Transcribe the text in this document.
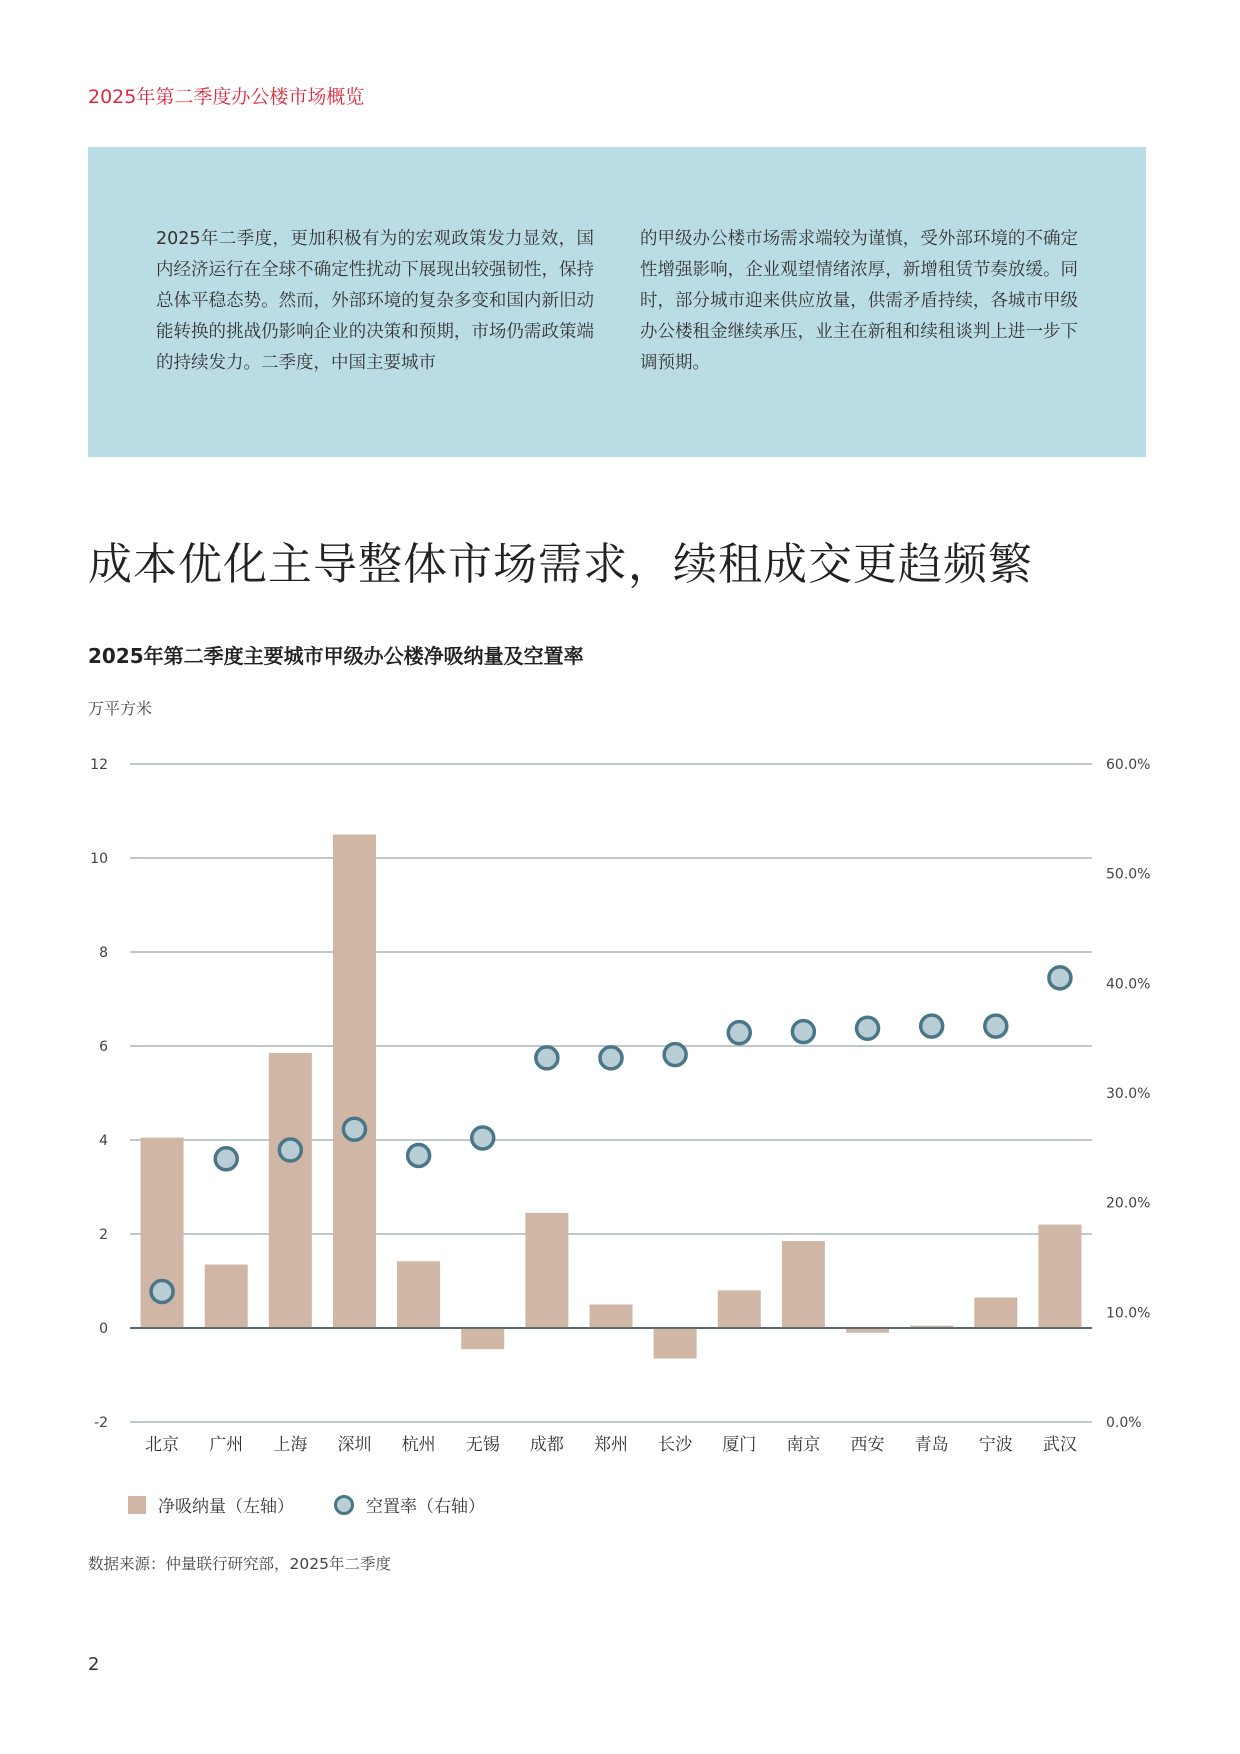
2025年第二季度办公楼市场概览
2025年二季度，更加积极有为的宏观政策发力显效，国内经济运行在全球不确定性扰动下展现出较强韧性，保持总体平稳态势。然而，外部环境的复杂多变和国内新旧动能转换的挑战仍影响企业的决策和预期，市场仍需政策端的持续发力。二季度，中国主要城市
的甲级办公楼市场需求端较为谨慎，受外部环境的不确定性增强影响，企业观望情绪浓厚，新增租赁节奏放缓。同时，部分城市迎来供应放量，供需矛盾持续，各城市甲级办公楼租金继续承压，业主在新租和续租谈判上进一步下调预期。
成本优化主导整体市场需求，续租成交更趋频繁
2025年第二季度主要城市甲级办公楼净吸纳量及空置率
万平方米
-2
0
2
4
6
8
10
12
0.0%
10.0%
20.0%
30.0%
40.0%
50.0%
60.0%
北京 广州 上海 深圳 杭州 无锡 成都 郑州 长沙 厦门 南京 西安 青岛 宁波 武汉
净吸纳量（左轴）	空置率（右轴）
数据来源：仲量联行研究部，2025年二季度
2
